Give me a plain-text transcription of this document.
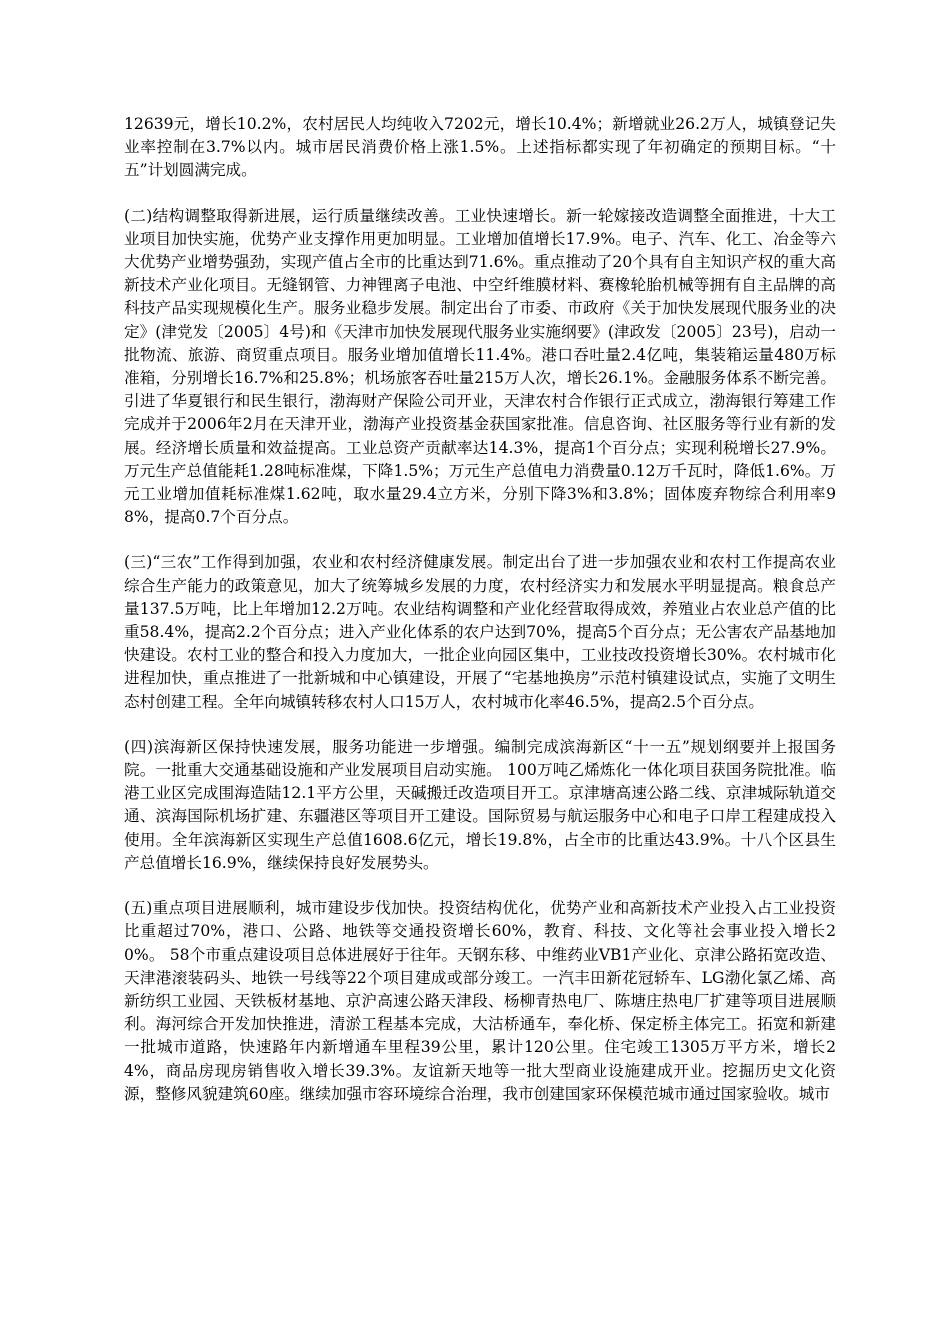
12639元，增长10.2%，农村居民人均纯收入7202元，增长10.4%；新增就业26.2万人，城镇登记失业率控制在3.7%以内。城市居民消费价格上涨1.5%。上述指标都实现了年初确定的预期目标。“十五”计划圆满完成。

(二)结构调整取得新进展，运行质量继续改善。工业快速增长。新一轮嫁接改造调整全面推进，十大工业项目加快实施，优势产业支撑作用更加明显。工业增加值增长17.9%。电子、汽车、化工、冶金等六大优势产业增势强劲，实现产值占全市的比重达到71.6%。重点推动了20个具有自主知识产权的重大高新技术产业化项目。无缝钢管、力神锂离子电池、中空纤维膜材料、赛橡轮胎机械等拥有自主品牌的高科技产品实现规模化生产。服务业稳步发展。制定出台了市委、市政府《关于加快发展现代服务业的决定》(津党发〔2005〕4号)和《天津市加快发展现代服务业实施纲要》(津政发〔2005〕23号)，启动一批物流、旅游、商贸重点项目。服务业增加值增长11.4%。港口吞吐量2.4亿吨，集装箱运量480万标准箱，分别增长16.7%和25.8%；机场旅客吞吐量215万人次，增长26.1%。金融服务体系不断完善。引进了华夏银行和民生银行，渤海财产保险公司开业，天津农村合作银行正式成立，渤海银行筹建工作完成并于2006年2月在天津开业，渤海产业投资基金获国家批准。信息咨询、社区服务等行业有新的发展。经济增长质量和效益提高。工业总资产贡献率达14.3%，提高1个百分点；实现利税增长27.9%。万元生产总值能耗1.28吨标准煤，下降1.5%；万元生产总值电力消费量0.12万千瓦时，降低1.6%。万元工业增加值耗标准煤1.62吨，取水量29.4立方米，分别下降3%和3.8%；固体废弃物综合利用率98%，提高0.7个百分点。

(三)“三农”工作得到加强，农业和农村经济健康发展。制定出台了进一步加强农业和农村工作提高农业综合生产能力的政策意见，加大了统筹城乡发展的力度，农村经济实力和发展水平明显提高。粮食总产量137.5万吨，比上年增加12.2万吨。农业结构调整和产业化经营取得成效，养殖业占农业总产值的比重58.4%，提高2.2个百分点；进入产业化体系的农户达到70%，提高5个百分点；无公害农产品基地加快建设。农村工业的整合和投入力度加大，一批企业向园区集中，工业技改投资增长30%。农村城市化进程加快，重点推进了一批新城和中心镇建设，开展了“宅基地换房”示范村镇建设试点，实施了文明生态村创建工程。全年向城镇转移农村人口15万人，农村城市化率46.5%，提高2.5个百分点。

(四)滨海新区保持快速发展，服务功能进一步增强。编制完成滨海新区“十一五”规划纲要并上报国务院。一批重大交通基础设施和产业发展项目启动实施。 100万吨乙烯炼化一体化项目获国务院批准。临港工业区完成围海造陆12.1平方公里，天碱搬迁改造项目开工。京津塘高速公路二线、京津城际轨道交通、滨海国际机场扩建、东疆港区等项目开工建设。国际贸易与航运服务中心和电子口岸工程建成投入使用。全年滨海新区实现生产总值1608.6亿元，增长19.8%，占全市的比重达43.9%。十八个区县生产总值增长16.9%，继续保持良好发展势头。

(五)重点项目进展顺利，城市建设步伐加快。投资结构优化，优势产业和高新技术产业投入占工业投资比重超过70%，港口、公路、地铁等交通投资增长60%，教育、科技、文化等社会事业投入增长20%。 58个市重点建设项目总体进展好于往年。天钢东移、中维药业VB1产业化、京津公路拓宽改造、天津港滚装码头、地铁一号线等22个项目建成或部分竣工。一汽丰田新花冠轿车、LG渤化氯乙烯、高新纺织工业园、天铁板材基地、京沪高速公路天津段、杨柳青热电厂、陈塘庄热电厂扩建等项目进展顺利。海河综合开发加快推进，清淤工程基本完成，大沽桥通车，奉化桥、保定桥主体完工。拓宽和新建一批城市道路，快速路年内新增通车里程39公里，累计120公里。住宅竣工1305万平方米，增长24%，商品房现房销售收入增长39.3%。友谊新天地等一批大型商业设施建成开业。挖掘历史文化资源，整修风貌建筑60座。继续加强市容环境综合治理，我市创建国家环保模范城市通过国家验收。城市
